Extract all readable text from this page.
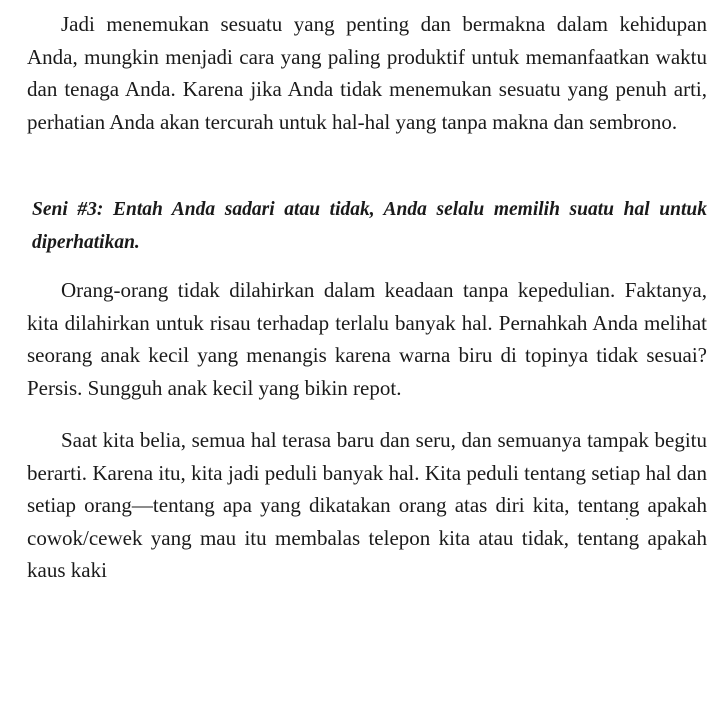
Jadi menemukan sesuatu yang penting dan bermakna dalam kehidupan Anda, mungkin menjadi cara yang paling produktif untuk memanfaatkan waktu dan tenaga Anda. Karena jika Anda tidak menemukan sesuatu yang penuh arti, perhatian Anda akan tercurah untuk hal-hal yang tanpa makna dan sembrono.

Seni #3: Entah Anda sadari atau tidak, Anda selalu memilih suatu hal untuk diperhatikan.

Orang-orang tidak dilahirkan dalam keadaan tanpa kepedulian. Faktanya, kita dilahirkan untuk risau terhadap terlalu banyak hal. Pernahkah Anda melihat seorang anak kecil yang menangis karena warna biru di topinya tidak sesuai? Persis. Sungguh anak kecil yang bikin repot.

Saat kita belia, semua hal terasa baru dan seru, dan semuanya tampak begitu berarti. Karena itu, kita jadi peduli banyak hal. Kita peduli tentang setiap hal dan setiap orang—tentang apa yang dikatakan orang atas diri kita, tentang apakah cowok/cewek yang mau itu membalas telepon kita atau tidak, tentang apakah kaus kaki
